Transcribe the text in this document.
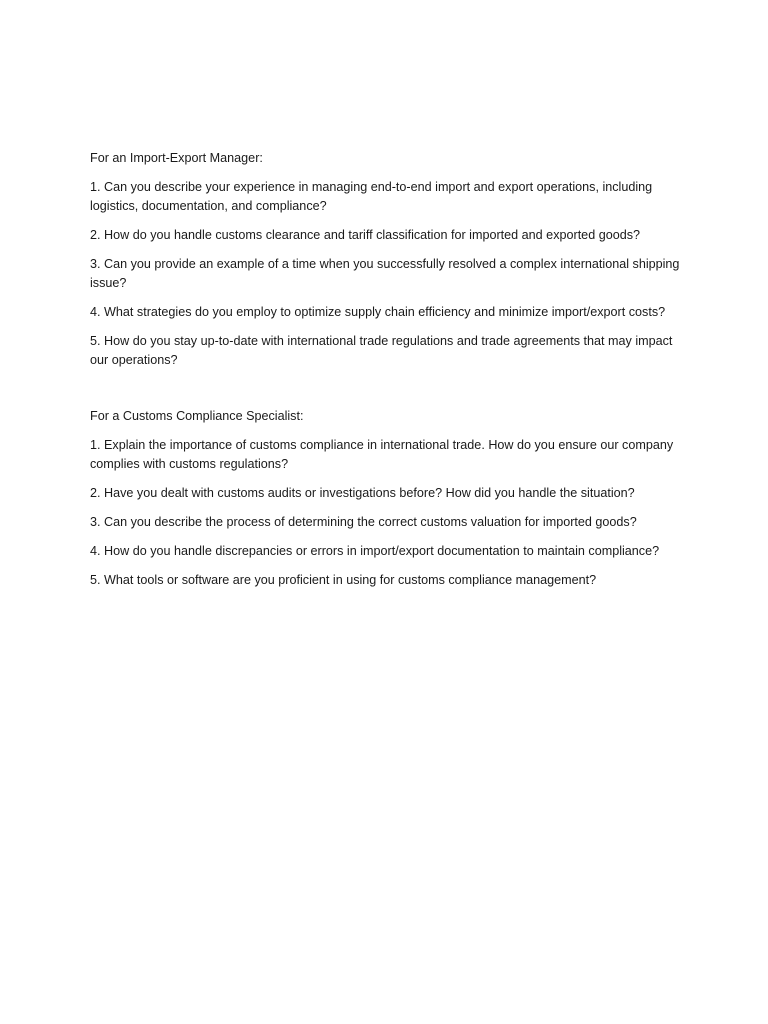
For an Import-Export Manager:

1. Can you describe your experience in managing end-to-end import and export operations, including logistics, documentation, and compliance?
2. How do you handle customs clearance and tariff classification for imported and exported goods?
3. Can you provide an example of a time when you successfully resolved a complex international shipping issue?
4. What strategies do you employ to optimize supply chain efficiency and minimize import/export costs?
5. How do you stay up-to-date with international trade regulations and trade agreements that may impact our operations?

For a Customs Compliance Specialist:

1. Explain the importance of customs compliance in international trade. How do you ensure our company complies with customs regulations?
2. Have you dealt with customs audits or investigations before? How did you handle the situation?
3. Can you describe the process of determining the correct customs valuation for imported goods?
4. How do you handle discrepancies or errors in import/export documentation to maintain compliance?
5. What tools or software are you proficient in using for customs compliance management?
